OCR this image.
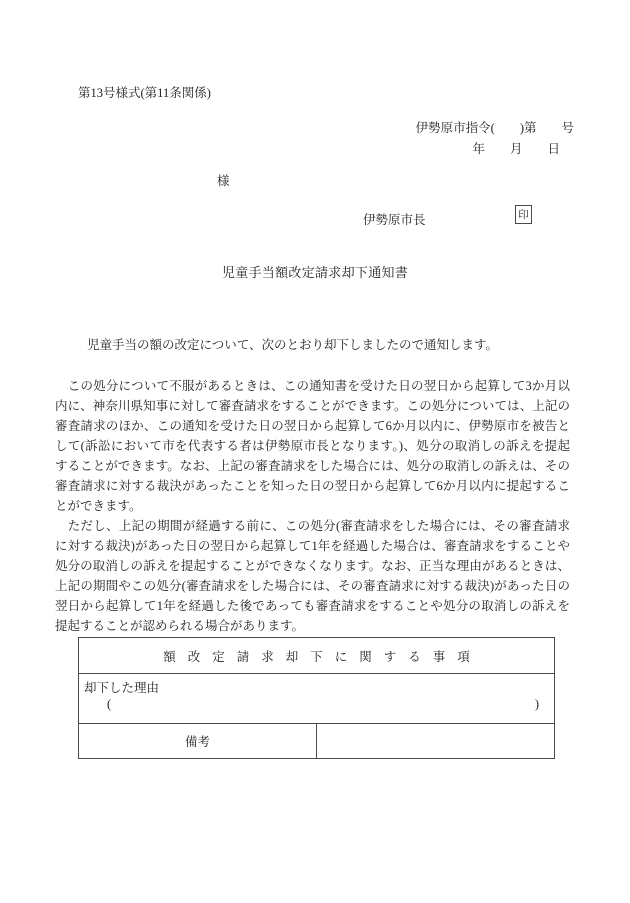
第13号様式(第11条関係)
伊勢原市指令(　　)第　　号
年　　月　　日
様
伊勢原市長	印
児童手当額改定請求却下通知書
児童手当の額の改定について、次のとおり却下しましたので通知します。
　この処分について不服があるときは、この通知書を受けた日の翌日から起算して3か月以
内に、神奈川県知事に対して審査請求をすることができます。この処分については、上記の
審査請求のほか、この通知を受けた日の翌日から起算して6か月以内に、伊勢原市を被告と
して(訴訟において市を代表する者は伊勢原市長となります。)、処分の取消しの訴えを提起
することができます。なお、上記の審査請求をした場合には、処分の取消しの訴えは、その
審査請求に対する裁決があったことを知った日の翌日から起算して6か月以内に提起するこ
とができます。
　ただし、上記の期間が経過する前に、この処分(審査請求をした場合には、その審査請求
に対する裁決)があった日の翌日から起算して1年を経過した場合は、審査請求をすることや
処分の取消しの訴えを提起することができなくなります。なお、正当な理由があるときは、
上記の期間やこの処分(審査請求をした場合には、その審査請求に対する裁決)があった日の
翌日から起算して1年を経過した後であっても審査請求をすることや処分の取消しの訴えを
提起することが認められる場合があります。
額改定請求却下に関する事項

却下した理由
(	)

備考	
